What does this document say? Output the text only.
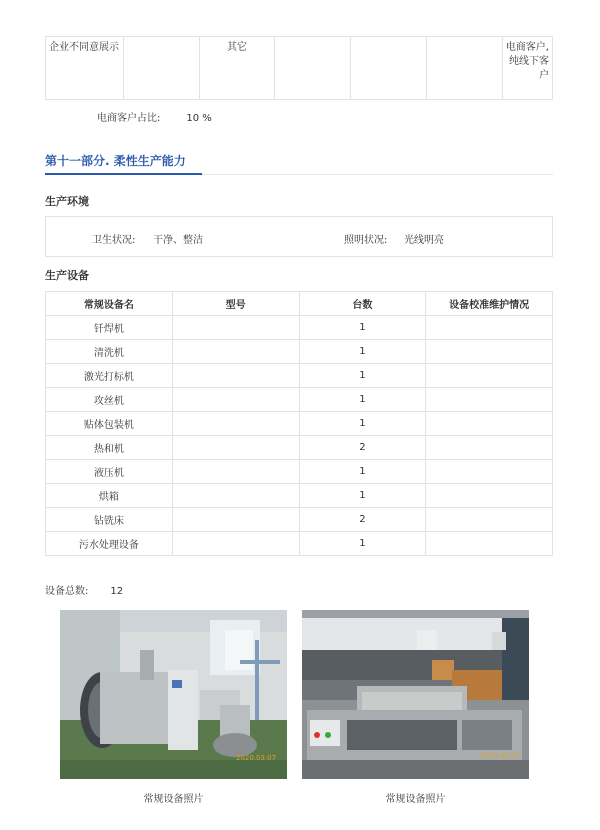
企业不同意展示		其它				电商客户,纯线下客户
电商客户占比:	10 %
第十一部分. 柔性生产能力
生产环境
卫生状况: 干净、整洁	照明状况: 光线明亮
生产设备
常规设备名	型号	台数	设备校准维护情况
钎焊机		1	
清洗机		1	
激光打标机		1	
攻丝机		1	
贴体包装机		1	
热和机		2	
液压机		1	
烘箱		1	
钻铣床		2	
污水处理设备		1	
设备总数: 12
2020.03.07
常规设备照片
2020.03.07
常规设备照片
